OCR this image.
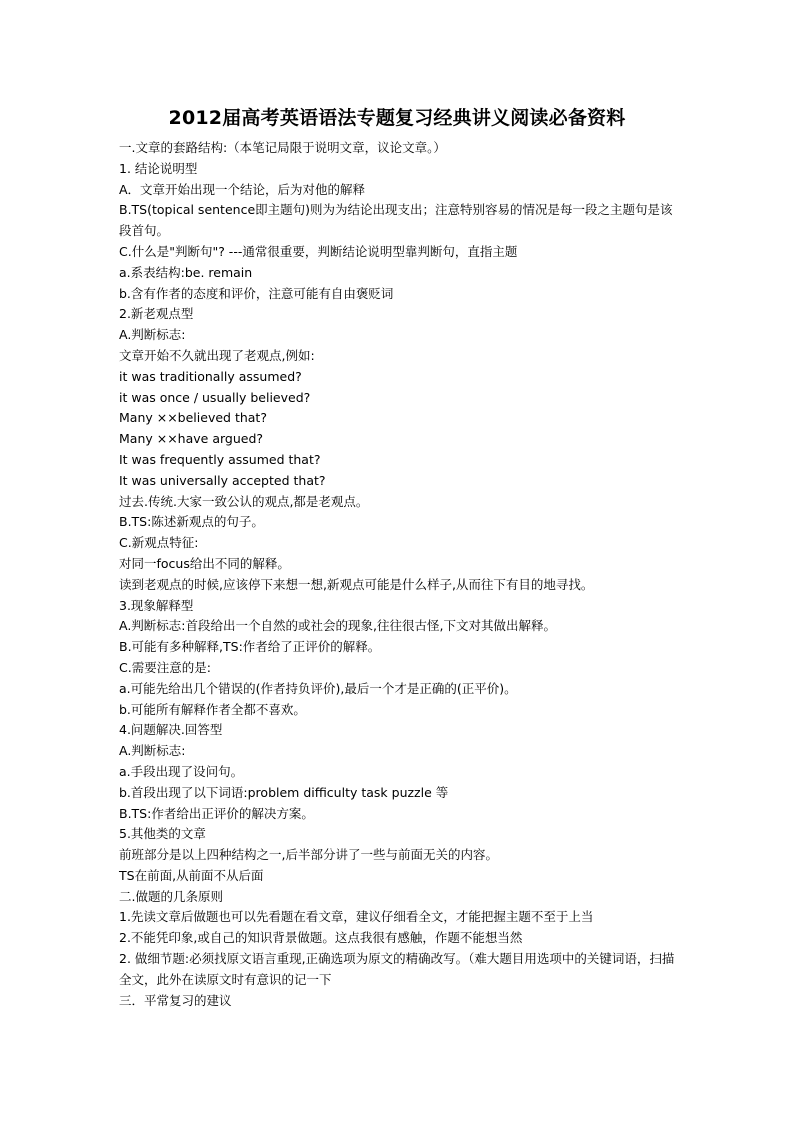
2012届高考英语语法专题复习经典讲义阅读必备资料

一.文章的套路结构:（本笔记局限于说明文章，议论文章。）

1. 结论说明型

A．文章开始出现一个结论，后为对他的解释

B.TS(topical sentence即主题句)则为为结论出现支出；注意特别容易的情况是每一段之主题句是该段首句。

C.什么是"判断句"? ---通常很重要，判断结论说明型靠判断句，直指主题

a.系表结构:be. remain

b.含有作者的态度和评价，注意可能有自由褒贬词

2.新老观点型

A.判断标志:

文章开始不久就出现了老观点,例如:

it was traditionally assumed?

it was once / usually believed?

Many ××believed that?

Many ××have argued?

It was frequently assumed that?

It was universally accepted that?

过去.传统.大家一致公认的观点,都是老观点。

B.TS:陈述新观点的句子。

C.新观点特征:

对同一focus给出不同的解释。

读到老观点的时候,应该停下来想一想,新观点可能是什么样子,从而往下有目的地寻找。

3.现象解释型

A.判断标志:首段给出一个自然的或社会的现象,往往很古怪,下文对其做出解释。

B.可能有多种解释,TS:作者给了正评价的解释。

C.需要注意的是:

a.可能先给出几个错误的(作者持负评价),最后一个才是正确的(正平价)。

b.可能所有解释作者全都不喜欢。

4.问题解决.回答型

A.判断标志:

a.手段出现了设问句。

b.首段出现了以下词语:problem difficulty task puzzle 等

B.TS:作者给出正评价的解决方案。

5.其他类的文章

前班部分是以上四种结构之一,后半部分讲了一些与前面无关的内容。

TS在前面,从前面不从后面

二.做题的几条原则

1.先读文章后做题也可以先看题在看文章，建议仔细看全文，才能把握主题不至于上当

2.不能凭印象,或自己的知识背景做题。这点我很有感触，作题不能想当然

2. 做细节题:必须找原文语言重现,正确选项为原文的精确改写。（难大题目用选项中的关键词语，扫描全文，此外在读原文时有意识的记一下

三．平常复习的建议
